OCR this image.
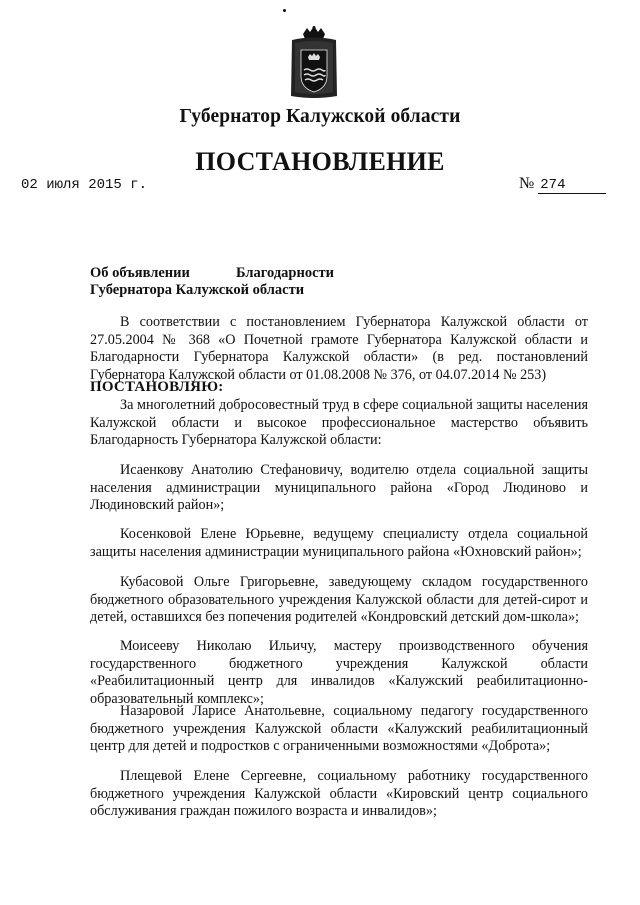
Губернатор Калужской области
ПОСТАНОВЛЕНИЕ
02 июля 2015 г.	№ 274
Об объявлении	Благодарности
Губернатора Калужской области
В соответствии с постановлением Губернатора Калужской области от 27.05.2004 № 368 «О Почетной грамоте Губернатора Калужской области и Благодарности Губернатора Калужской области» (в ред. постановлений Губернатора Калужской области от 01.08.2008 № 376, от 04.07.2014 № 253)
ПОСТАНОВЛЯЮ:
За многолетний добросовестный труд в сфере социальной защиты населения Калужской области и высокое профессиональное мастерство объявить Благодарность Губернатора Калужской области:
Исаенкову Анатолию Стефановичу, водителю отдела социальной защиты населения администрации муниципального района «Город Людиново и Людиновский район»;
Косенковой Елене Юрьевне, ведущему специалисту отдела социальной защиты населения администрации муниципального района «Юхновский район»;
Кубасовой Ольге Григорьевне, заведующему складом государственного бюджетного образовательного учреждения Калужской области для детей-сирот и детей, оставшихся без попечения родителей «Кондровский детский дом-школа»;
Моисееву Николаю Ильичу, мастеру производственного обучения государственного бюджетного учреждения Калужской области «Реабилитационный центр для инвалидов «Калужский реабилитационно-образовательный комплекс»;
Назаровой Ларисе Анатольевне, социальному педагогу государственного бюджетного учреждения Калужской области «Калужский реабилитационный центр для детей и подростков с ограниченными возможностями «Доброта»;
Плещевой Елене Сергеевне, социальному работнику государственного бюджетного учреждения Калужской области «Кировский центр социального обслуживания граждан пожилого возраста и инвалидов»;
